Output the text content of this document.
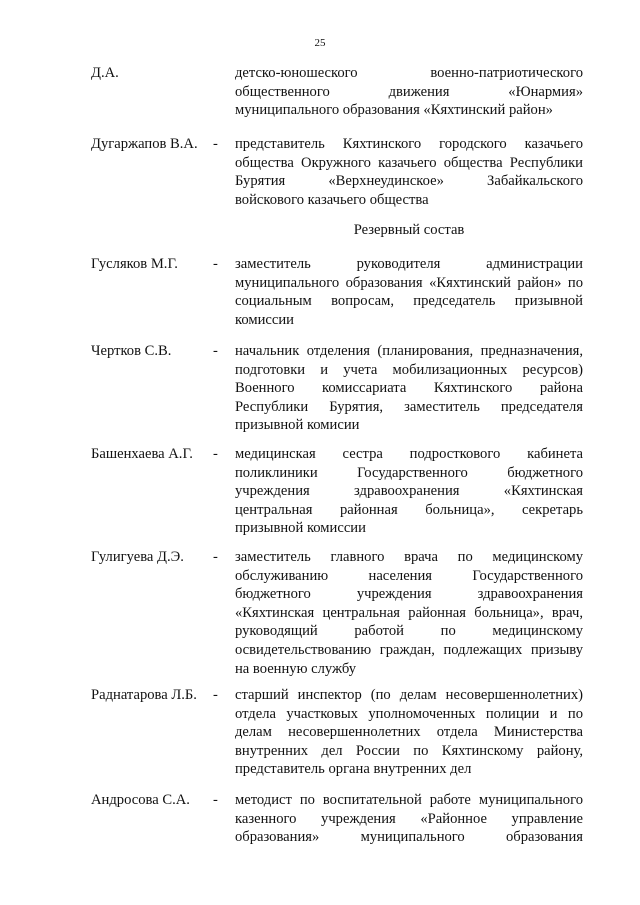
25
Д.А.	детско-юношеского военно-патриотического
общественного движения «Юнармия»
муниципального образования «Кяхтинский район»
Дугаржапов В.А. - представитель Кяхтинского городского казачьего
общества Окружного казачьего общества Республики
Бурятия «Верхнеудинское» Забайкальского
войскового казачьего общества
Резервный состав
Гусляков М.Г. - заместитель руководителя администрации
муниципального образования «Кяхтинский район» по
социальным вопросам, председатель призывной
комиссии
Чертков С.В.	- начальник отделения (планирования, предназначения,
подготовки и учета мобилизационных ресурсов)
Военного комиссариата Кяхтинского района
Республики Бурятия, заместитель председателя
призывной комисии
Башенхаева А.Г. - медицинская сестра подросткового кабинета
поликлиники Государственного бюджетного
учреждения здравоохранения «Кяхтинская
центральная районная больница», секретарь
призывной комиссии
Гулигуева Д.Э. - заместитель главного врача по медицинскому
обслуживанию населения Государственного
бюджетного учреждения здравоохранения
«Кяхтинская центральная районная больница», врач,
руководящий работой по медицинскому
освидетельствованию граждан, подлежащих призыву
на военную службу
Раднатарова Л.Б. - старший инспектор (по делам несовершеннолетних)
отдела участковых уполномоченных полиции и по
делам несовершеннолетних отдела Министерства
внутренних дел России по Кяхтинскому району,
представитель органа внутренних дел
Андросова С.А. - методист по воспитательной работе муниципального
казенного учреждения «Районное управление
образования» муниципального образования
